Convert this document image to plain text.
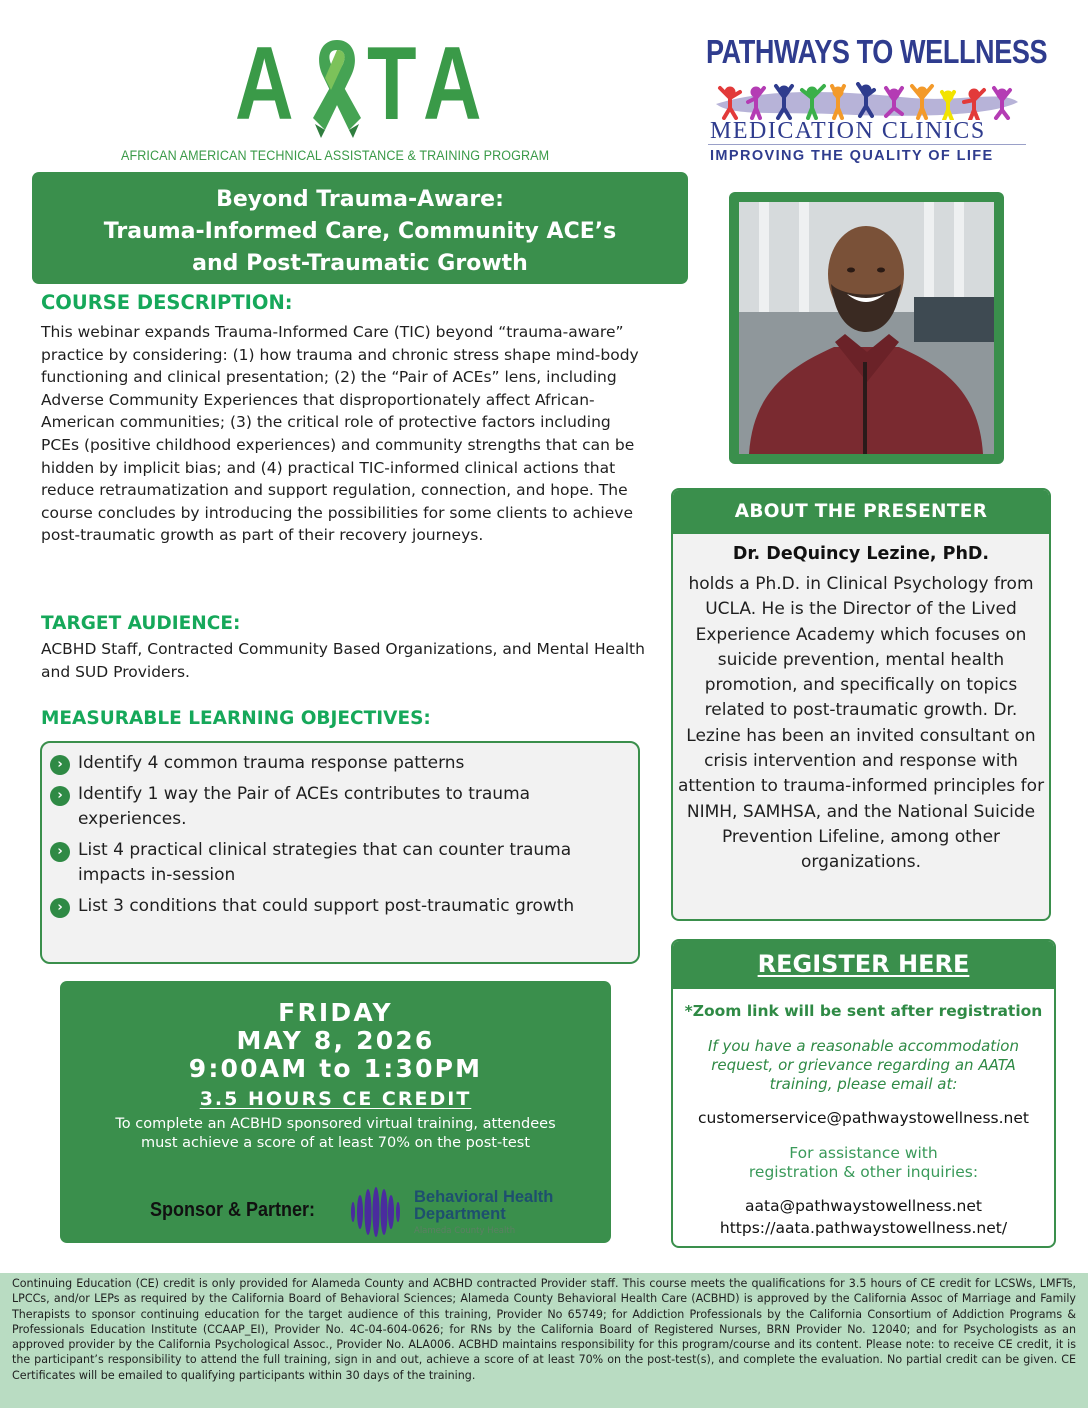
A T A
AFRICAN AMERICAN TECHNICAL ASSISTANCE & TRAINING PROGRAM
PATHWAYS TO WELLNESS
MEDICATION CLINICS
IMPROVING THE QUALITY OF LIFE
Beyond Trauma-Aware:
Trauma-Informed Care, Community ACE’s
and Post-Traumatic Growth
COURSE DESCRIPTION:
This webinar expands Trauma-Informed Care (TIC) beyond “trauma-aware” practice by considering: (1) how trauma and chronic stress shape mind-body functioning and clinical presentation; (2) the “Pair of ACEs” lens, including Adverse Community Experiences that disproportionately affect African-American communities; (3) the critical role of protective factors including PCEs (positive childhood experiences) and community strengths that can be hidden by implicit bias; and (4) practical TIC-informed clinical actions that reduce retraumatization and support regulation, connection, and hope. The course concludes by introducing the possibilities for some clients to achieve post-traumatic growth as part of their recovery journeys.
TARGET AUDIENCE:
ACBHD Staff, Contracted Community Based Organizations, and Mental Health and SUD Providers.
MEASURABLE LEARNING OBJECTIVES:
› Identify 4 common trauma response patterns
› Identify 1 way the Pair of ACEs contributes to trauma experiences.
› List 4 practical clinical strategies that can counter trauma impacts in-session
› List 3 conditions that could support post-traumatic growth
FRIDAY
MAY 8, 2026
9:00AM to 1:30PM
3.5 HOURS CE CREDIT
To complete an ACBHD sponsored virtual training, attendees must achieve a score of at least 70% on the post-test
Sponsor & Partner:
Behavioral Health
Department
Alameda County Health
ABOUT THE PRESENTER
Dr. DeQuincy Lezine, PhD.
holds a Ph.D. in Clinical Psychology from UCLA. He is the Director of the Lived Experience Academy which focuses on suicide prevention, mental health promotion, and specifically on topics related to post-traumatic growth. Dr. Lezine has been an invited consultant on crisis intervention and response with attention to trauma-informed principles for NIMH, SAMHSA, and the National Suicide Prevention Lifeline, among other organizations.
REGISTER HERE
*Zoom link will be sent after registration
If you have a reasonable accommodation request, or grievance regarding an AATA training, please email at:
customerservice@pathwaystowellness.net
For assistance with
registration & other inquiries:
aata@pathwaystowellness.net
https://aata.pathwaystowellness.net/
Continuing Education (CE) credit is only provided for Alameda County and ACBHD contracted Provider staff. This course meets the qualifications for 3.5 hours of CE credit for LCSWs, LMFTs, LPCCs, and/or LEPs as required by the California Board of Behavioral Sciences; Alameda County Behavioral Health Care (ACBHD) is approved by the California Assoc of Marriage and Family Therapists to sponsor continuing education for the target audience of this training, Provider No 65749; for Addiction Professionals by the California Consortium of Addiction Programs & Professionals Education Institute (CCAAP_EI), Provider No. 4C-04-604-0626; for RNs by the California Board of Registered Nurses, BRN Provider No. 12040; and for Psychologists as an approved provider by the California Psychological Assoc., Provider No. ALA006. ACBHD maintains responsibility for this program/course and its content. Please note: to receive CE credit, it is the participant’s responsibility to attend the full training, sign in and out, achieve a score of at least 70% on the post-test(s), and complete the evaluation. No partial credit can be given. CE Certificates will be emailed to qualifying participants within 30 days of the training.
